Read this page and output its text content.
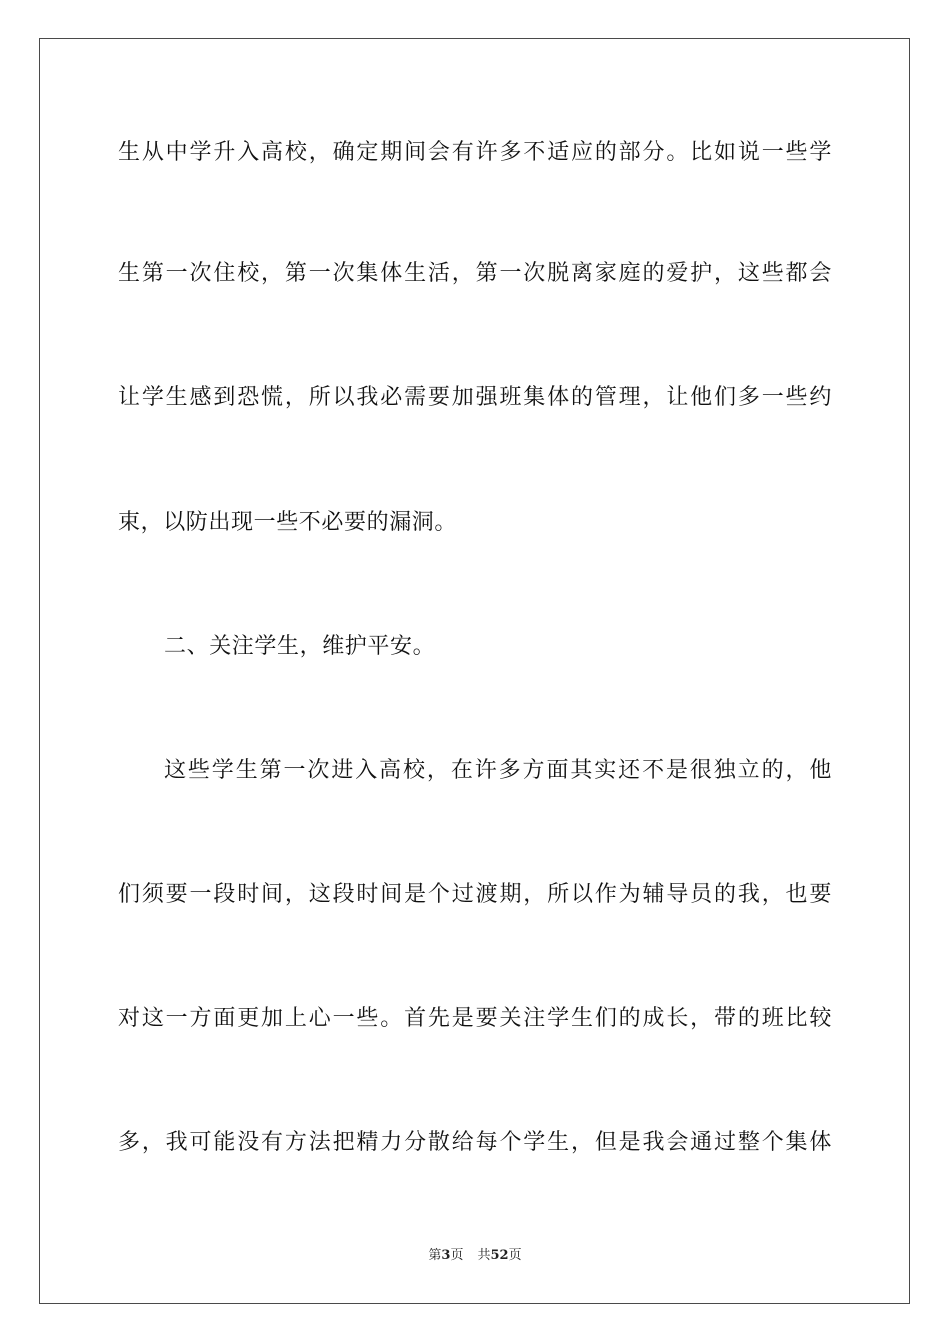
生从中学升入高校，确定期间会有许多不适应的部分。比如说一些学
生第一次住校，第一次集体生活，第一次脱离家庭的爱护，这些都会
让学生感到恐慌，所以我必需要加强班集体的管理，让他们多一些约
束，以防出现一些不必要的漏洞。
二、关注学生，维护平安。
这些学生第一次进入高校，在许多方面其实还不是很独立的，他
们须要一段时间，这段时间是个过渡期，所以作为辅导员的我，也要
对这一方面更加上心一些。首先是要关注学生们的成长，带的班比较
多，我可能没有方法把精力分散给每个学生，但是我会通过整个集体
第3页 共52页
